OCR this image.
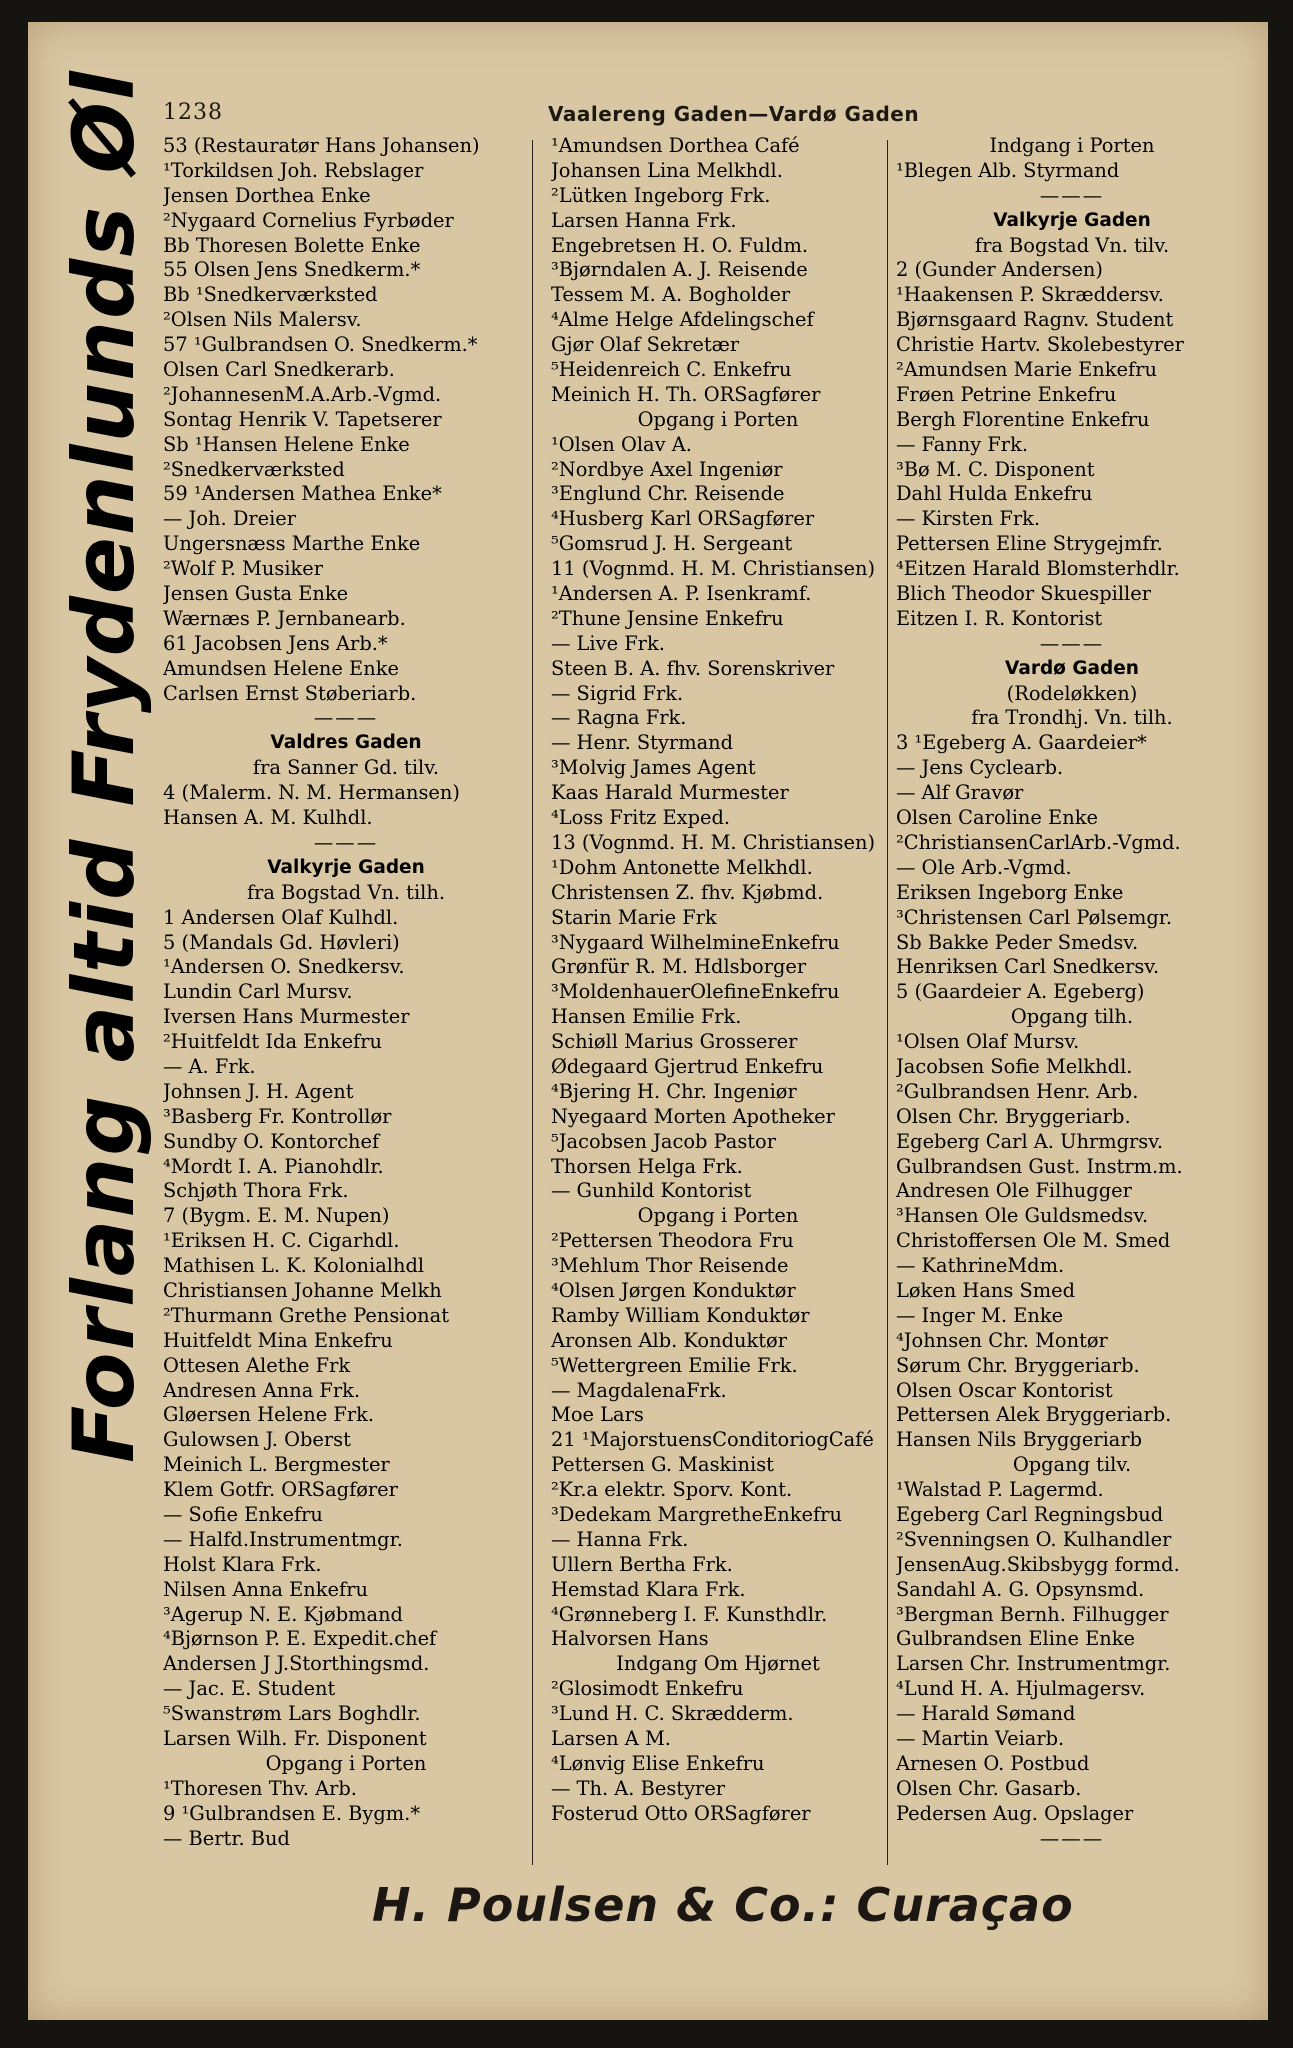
1238	Vaalereng Gaden—Vardø Gaden
Forlang altid Frydenlunds Øl 53 (Restauratør Hans Johansen)
¹Torkildsen Joh. Rebslager
Jensen Dorthea Enke
²Nygaard Cornelius Fyrbøder
Bb Thoresen Bolette Enke
55 Olsen Jens Snedkerm.*
Bb ¹Snedkerværksted
²Olsen Nils Malersv.
57 ¹Gulbrandsen O. Snedkerm.*
Olsen Carl Snedkerarb.
²JohannesenM.A.Arb.-Vgmd.
Sontag Henrik V. Tapetserer
Sb ¹Hansen Helene Enke
²Snedkerværksted
59 ¹Andersen Mathea Enke*
— Joh. Dreier
Ungersnæss Marthe Enke
²Wolf P. Musiker
Jensen Gusta Enke
Wærnæs P. Jernbanearb.
61 Jacobsen Jens Arb.*
Amundsen Helene Enke
Carlsen Ernst Støberiarb.
———
Valdres Gaden
fra Sanner Gd. tilv.
4 (Malerm. N. M. Hermansen)
Hansen A. M. Kulhdl.
———
Valkyrje Gaden
fra Bogstad Vn. tilh.
1 Andersen Olaf Kulhdl.
5 (Mandals Gd. Høvleri)
¹Andersen O. Snedkersv.
Lundin Carl Mursv.
Iversen Hans Murmester
²Huitfeldt Ida Enkefru
— A. Frk.
Johnsen J. H. Agent
³Basberg Fr. Kontrollør
Sundby O. Kontorchef
⁴Mordt I. A. Pianohdlr.
Schjøth Thora Frk.
7 (Bygm. E. M. Nupen)
¹Eriksen H. C. Cigarhdl.
Mathisen L. K. Kolonialhdl
Christiansen Johanne Melkh
²Thurmann Grethe Pensionat
Huitfeldt Mina Enkefru
Ottesen Alethe Frk
Andresen Anna Frk.
Gløersen Helene Frk.
Gulowsen J. Oberst
Meinich L. Bergmester
Klem Gotfr. ORSagfører
— Sofie Enkefru
— Halfd.Instrumentmgr.
Holst Klara Frk.
Nilsen Anna Enkefru
³Agerup N. E. Kjøbmand
⁴Bjørnson P. E. Expedit.chef
Andersen J J.Storthingsmd.
— Jac. E. Student
⁵Swanstrøm Lars Boghdlr.
Larsen Wilh. Fr. Disponent
Opgang i Porten
¹Thoresen Thv. Arb.
9 ¹Gulbrandsen E. Bygm.*
— Bertr. Bud
¹Amundsen Dorthea Café
Johansen Lina Melkhdl.
²Lütken Ingeborg Frk.
Larsen Hanna Frk.
Engebretsen H. O. Fuldm.
³Bjørndalen A. J. Reisende
Tessem M. A. Bogholder
⁴Alme Helge Afdelingschef
Gjør Olaf Sekretær
⁵Heidenreich C. Enkefru
Meinich H. Th. ORSagfører
Opgang i Porten
¹Olsen Olav A.
²Nordbye Axel Ingeniør
³Englund Chr. Reisende
⁴Husberg Karl ORSagfører
⁵Gomsrud J. H. Sergeant
11 (Vognmd. H. M. Christiansen)
¹Andersen A. P. Isenkramf.
²Thune Jensine Enkefru
— Live Frk.
Steen B. A. fhv. Sorenskriver
— Sigrid Frk.
— Ragna Frk.
— Henr. Styrmand
³Molvig James Agent
Kaas Harald Murmester
⁴Loss Fritz Exped.
13 (Vognmd. H. M. Christiansen)
¹Dohm Antonette Melkhdl.
Christensen Z. fhv. Kjøbmd.
Starin Marie Frk
³Nygaard WilhelmineEnkefru
Grønfür R. M. Hdlsborger
³MoldenhauerOlefineEnkefru
Hansen Emilie Frk.
Schiøll Marius Grosserer
Ødegaard Gjertrud Enkefru
⁴Bjering H. Chr. Ingeniør
Nyegaard Morten Apotheker
⁵Jacobsen Jacob Pastor
Thorsen Helga Frk.
— Gunhild Kontorist
Opgang i Porten
²Pettersen Theodora Fru
³Mehlum Thor Reisende
⁴Olsen Jørgen Konduktør
Ramby William Konduktør
Aronsen Alb. Konduktør
⁵Wettergreen Emilie Frk.
— MagdalenaFrk.
Moe Lars
21 ¹MajorstuensConditoriogCafé
Pettersen G. Maskinist
²Kr.a elektr. Sporv. Kont.
³Dedekam MargretheEnkefru
— Hanna Frk.
Ullern Bertha Frk.
Hemstad Klara Frk.
⁴Grønneberg I. F. Kunsthdlr.
Halvorsen Hans
Indgang Om Hjørnet
²Glosimodt Enkefru
³Lund H. C. Skrædderm.
Larsen A M.
⁴Lønvig Elise Enkefru
— Th. A. Bestyrer
Fosterud Otto ORSagfører
Indgang i Porten
¹Blegen Alb. Styrmand
———
Valkyrje Gaden
fra Bogstad Vn. tilv.
2 (Gunder Andersen)
¹Haakensen P. Skræddersv.
Bjørnsgaard Ragnv. Student
Christie Hartv. Skolebestyrer
²Amundsen Marie Enkefru
Frøen Petrine Enkefru
Bergh Florentine Enkefru
— Fanny Frk.
³Bø M. C. Disponent
Dahl Hulda Enkefru
— Kirsten Frk.
Pettersen Eline Strygejmfr.
⁴Eitzen Harald Blomsterhdlr.
Blich Theodor Skuespiller
Eitzen I. R. Kontorist
———
Vardø Gaden
(Rodeløkken)
fra Trondhj. Vn. tilh.
3 ¹Egeberg A. Gaardeier*
— Jens Cyclearb.
— Alf Gravør
Olsen Caroline Enke
²ChristiansenCarlArb.-Vgmd.
— Ole Arb.-Vgmd.
Eriksen Ingeborg Enke
³Christensen Carl Pølsemgr.
Sb Bakke Peder Smedsv.
Henriksen Carl Snedkersv.
5 (Gaardeier A. Egeberg)
Opgang tilh.
¹Olsen Olaf Mursv.
Jacobsen Sofie Melkhdl.
²Gulbrandsen Henr. Arb.
Olsen Chr. Bryggeriarb.
Egeberg Carl A. Uhrmgrsv.
Gulbrandsen Gust. Instrm.m.
Andresen Ole Filhugger
³Hansen Ole Guldsmedsv.
Christoffersen Ole M. Smed
— KathrineMdm.
Løken Hans Smed
— Inger M. Enke
⁴Johnsen Chr. Montør
Sørum Chr. Bryggeriarb.
Olsen Oscar Kontorist
Pettersen Alek Bryggeriarb.
Hansen Nils Bryggeriarb
Opgang tilv.
¹Walstad P. Lagermd.
Egeberg Carl Regningsbud
²Svenningsen O. Kulhandler
JensenAug.Skibsbygg formd.
Sandahl A. G. Opsynsmd.
³Bergman Bernh. Filhugger
Gulbrandsen Eline Enke
Larsen Chr. Instrumentmgr.
⁴Lund H. A. Hjulmagersv.
— Harald Sømand
— Martin Veiarb.
Arnesen O. Postbud
Olsen Chr. Gasarb.
Pedersen Aug. Opslager
———
H. Poulsen & Co.: Curaçao
